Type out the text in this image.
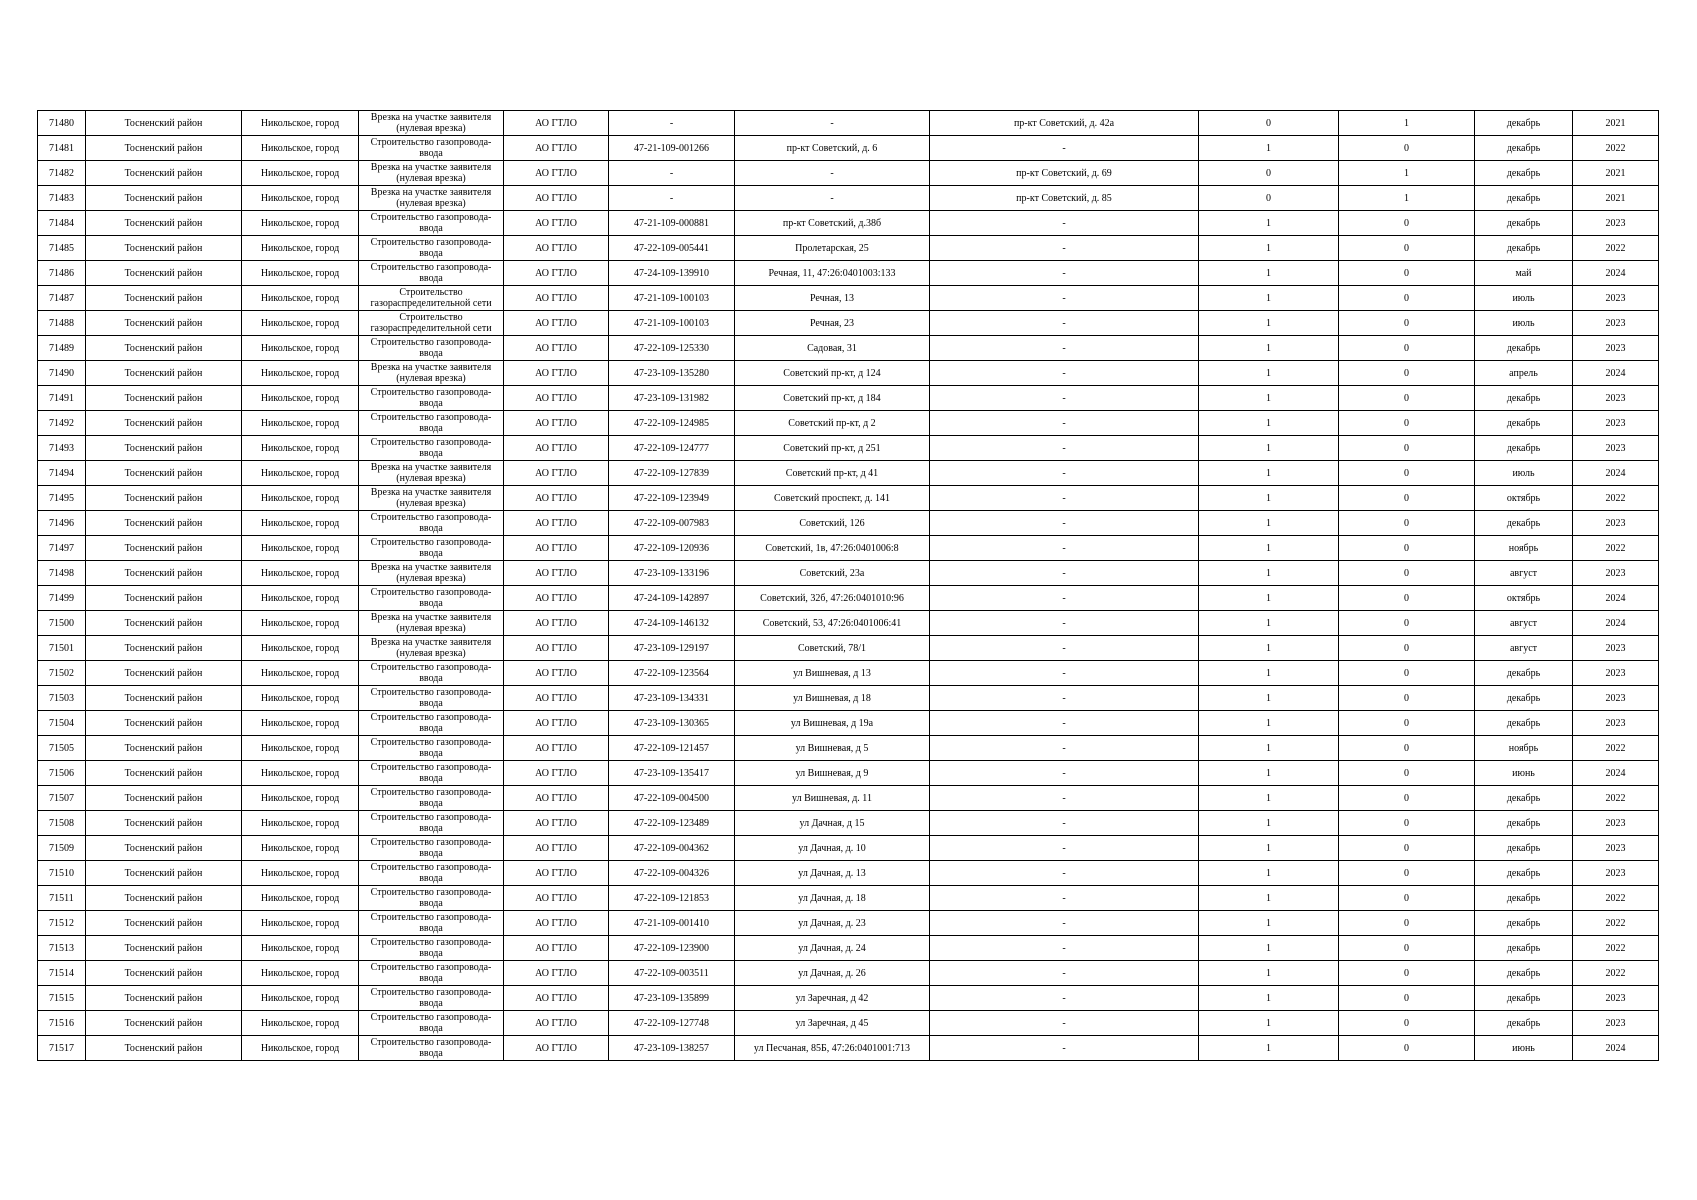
71480	Тосненский район	Никольское, город	Врезка на участке заявителя (нулевая врезка)	АО ГТЛО	-	-	пр-кт Советский, д. 42а	0	1	декабрь	2021
71481	Тосненский район	Никольское, город	Строительство газопровода-ввода	АО ГТЛО	47-21-109-001266	пр-кт Советский, д. 6	-	1	0	декабрь	2022
71482	Тосненский район	Никольское, город	Врезка на участке заявителя (нулевая врезка)	АО ГТЛО	-	-	пр-кт Советский, д. 69	0	1	декабрь	2021
71483	Тосненский район	Никольское, город	Врезка на участке заявителя (нулевая врезка)	АО ГТЛО	-	-	пр-кт Советский, д. 85	0	1	декабрь	2021
71484	Тосненский район	Никольское, город	Строительство газопровода-ввода	АО ГТЛО	47-21-109-000881	пр-кт Советский, д.38б	-	1	0	декабрь	2023
71485	Тосненский район	Никольское, город	Строительство газопровода-ввода	АО ГТЛО	47-22-109-005441	Пролетарская, 25	-	1	0	декабрь	2022
71486	Тосненский район	Никольское, город	Строительство газопровода-ввода	АО ГТЛО	47-24-109-139910	Речная, 11, 47:26:0401003:133	-	1	0	май	2024
71487	Тосненский район	Никольское, город	Строительство газораспределительной сети	АО ГТЛО	47-21-109-100103	Речная, 13	-	1	0	июль	2023
71488	Тосненский район	Никольское, город	Строительство газораспределительной сети	АО ГТЛО	47-21-109-100103	Речная, 23	-	1	0	июль	2023
71489	Тосненский район	Никольское, город	Строительство газопровода-ввода	АО ГТЛО	47-22-109-125330	Садовая, 31	-	1	0	декабрь	2023
71490	Тосненский район	Никольское, город	Врезка на участке заявителя (нулевая врезка)	АО ГТЛО	47-23-109-135280	Советский пр-кт, д 124	-	1	0	апрель	2024
71491	Тосненский район	Никольское, город	Строительство газопровода-ввода	АО ГТЛО	47-23-109-131982	Советский пр-кт, д 184	-	1	0	декабрь	2023
71492	Тосненский район	Никольское, город	Строительство газопровода-ввода	АО ГТЛО	47-22-109-124985	Советский пр-кт, д 2	-	1	0	декабрь	2023
71493	Тосненский район	Никольское, город	Строительство газопровода-ввода	АО ГТЛО	47-22-109-124777	Советский пр-кт, д 251	-	1	0	декабрь	2023
71494	Тосненский район	Никольское, город	Врезка на участке заявителя (нулевая врезка)	АО ГТЛО	47-22-109-127839	Советский пр-кт, д 41	-	1	0	июль	2024
71495	Тосненский район	Никольское, город	Врезка на участке заявителя (нулевая врезка)	АО ГТЛО	47-22-109-123949	Советский проспект, д. 141	-	1	0	октябрь	2022
71496	Тосненский район	Никольское, город	Строительство газопровода-ввода	АО ГТЛО	47-22-109-007983	Советский, 126	-	1	0	декабрь	2023
71497	Тосненский район	Никольское, город	Строительство газопровода-ввода	АО ГТЛО	47-22-109-120936	Советский, 1в, 47:26:0401006:8	-	1	0	ноябрь	2022
71498	Тосненский район	Никольское, город	Врезка на участке заявителя (нулевая врезка)	АО ГТЛО	47-23-109-133196	Советский, 23а	-	1	0	август	2023
71499	Тосненский район	Никольское, город	Строительство газопровода-ввода	АО ГТЛО	47-24-109-142897	Советский, 32б, 47:26:0401010:96	-	1	0	октябрь	2024
71500	Тосненский район	Никольское, город	Врезка на участке заявителя (нулевая врезка)	АО ГТЛО	47-24-109-146132	Советский, 53, 47:26:0401006:41	-	1	0	август	2024
71501	Тосненский район	Никольское, город	Врезка на участке заявителя (нулевая врезка)	АО ГТЛО	47-23-109-129197	Советский, 78/1	-	1	0	август	2023
71502	Тосненский район	Никольское, город	Строительство газопровода-ввода	АО ГТЛО	47-22-109-123564	ул Вишневая, д 13	-	1	0	декабрь	2023
71503	Тосненский район	Никольское, город	Строительство газопровода-ввода	АО ГТЛО	47-23-109-134331	ул Вишневая, д 18	-	1	0	декабрь	2023
71504	Тосненский район	Никольское, город	Строительство газопровода-ввода	АО ГТЛО	47-23-109-130365	ул Вишневая, д 19а	-	1	0	декабрь	2023
71505	Тосненский район	Никольское, город	Строительство газопровода-ввода	АО ГТЛО	47-22-109-121457	ул Вишневая, д 5	-	1	0	ноябрь	2022
71506	Тосненский район	Никольское, город	Строительство газопровода-ввода	АО ГТЛО	47-23-109-135417	ул Вишневая, д 9	-	1	0	июнь	2024
71507	Тосненский район	Никольское, город	Строительство газопровода-ввода	АО ГТЛО	47-22-109-004500	ул Вишневая, д. 11	-	1	0	декабрь	2022
71508	Тосненский район	Никольское, город	Строительство газопровода-ввода	АО ГТЛО	47-22-109-123489	ул Дачная, д 15	-	1	0	декабрь	2023
71509	Тосненский район	Никольское, город	Строительство газопровода-ввода	АО ГТЛО	47-22-109-004362	ул Дачная, д. 10	-	1	0	декабрь	2023
71510	Тосненский район	Никольское, город	Строительство газопровода-ввода	АО ГТЛО	47-22-109-004326	ул Дачная, д. 13	-	1	0	декабрь	2023
71511	Тосненский район	Никольское, город	Строительство газопровода-ввода	АО ГТЛО	47-22-109-121853	ул Дачная, д. 18	-	1	0	декабрь	2022
71512	Тосненский район	Никольское, город	Строительство газопровода-ввода	АО ГТЛО	47-21-109-001410	ул Дачная, д. 23	-	1	0	декабрь	2022
71513	Тосненский район	Никольское, город	Строительство газопровода-ввода	АО ГТЛО	47-22-109-123900	ул Дачная, д. 24	-	1	0	декабрь	2022
71514	Тосненский район	Никольское, город	Строительство газопровода-ввода	АО ГТЛО	47-22-109-003511	ул Дачная, д. 26	-	1	0	декабрь	2022
71515	Тосненский район	Никольское, город	Строительство газопровода-ввода	АО ГТЛО	47-23-109-135899	ул Заречная, д 42	-	1	0	декабрь	2023
71516	Тосненский район	Никольское, город	Строительство газопровода-ввода	АО ГТЛО	47-22-109-127748	ул Заречная, д 45	-	1	0	декабрь	2023
71517	Тосненский район	Никольское, город	Строительство газопровода-ввода	АО ГТЛО	47-23-109-138257	ул Песчаная, 85Б, 47:26:0401001:713	-	1	0	июнь	2024
